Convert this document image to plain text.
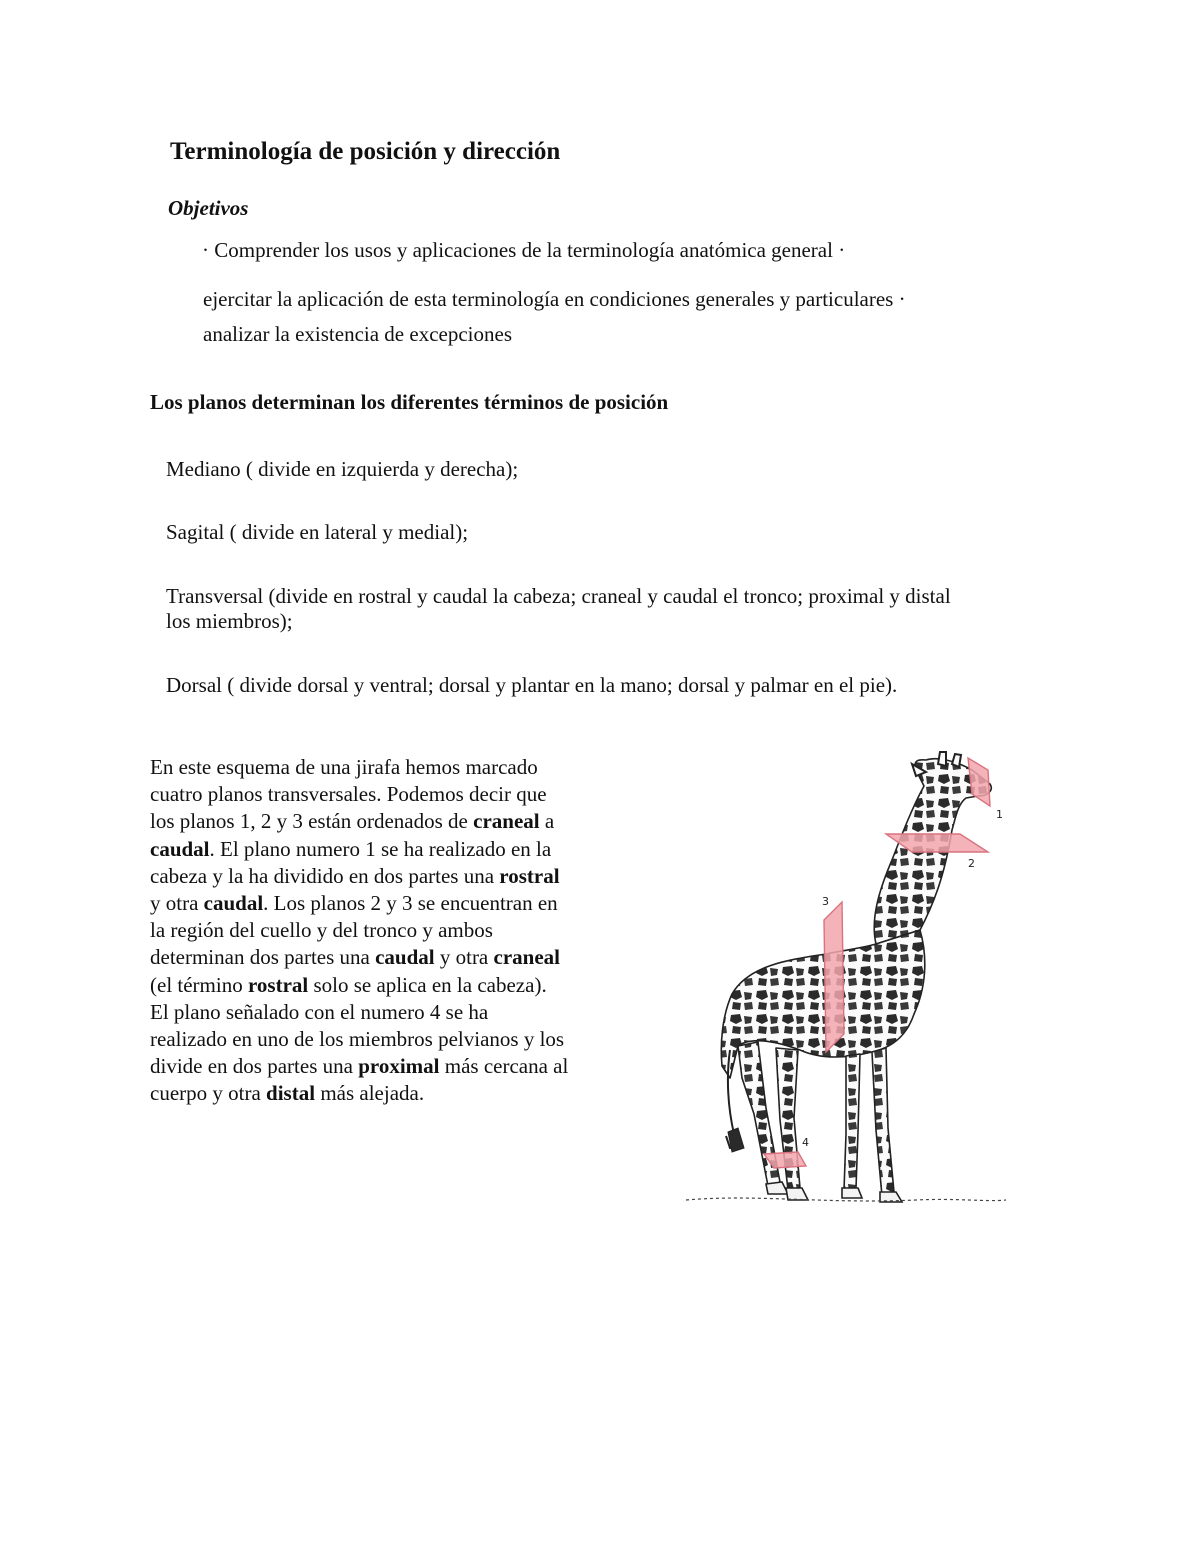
Terminología de posición y dirección
Objetivos
· Comprender los usos y aplicaciones de la terminología anatómica general ·
ejercitar la aplicación de esta terminología en condiciones generales y particulares ·
analizar la existencia de excepciones
Los planos determinan los diferentes términos de posición
Mediano ( divide en izquierda y derecha);
Sagital ( divide en lateral y medial);
Transversal (divide en rostral y caudal la cabeza; craneal y caudal el tronco; proximal y distal
los miembros);
Dorsal ( divide dorsal y ventral; dorsal y plantar en la mano; dorsal y palmar en el pie).
En este esquema de una jirafa hemos marcado cuatro planos transversales. Podemos decir que los planos 1, 2 y 3 están ordenados de craneal a caudal. El plano numero 1 se ha realizado en la cabeza y la ha dividido en dos partes una rostral y otra caudal. Los planos 2 y 3 se encuentran en la región del cuello y del tronco y ambos determinan dos partes una caudal y otra craneal (el término rostral solo se aplica en la cabeza). El plano señalado con el numero 4 se ha realizado en uno de los miembros pelvianos y los divide en dos partes una proximal más cercana al cuerpo y otra distal más alejada.
1
2
3
4
